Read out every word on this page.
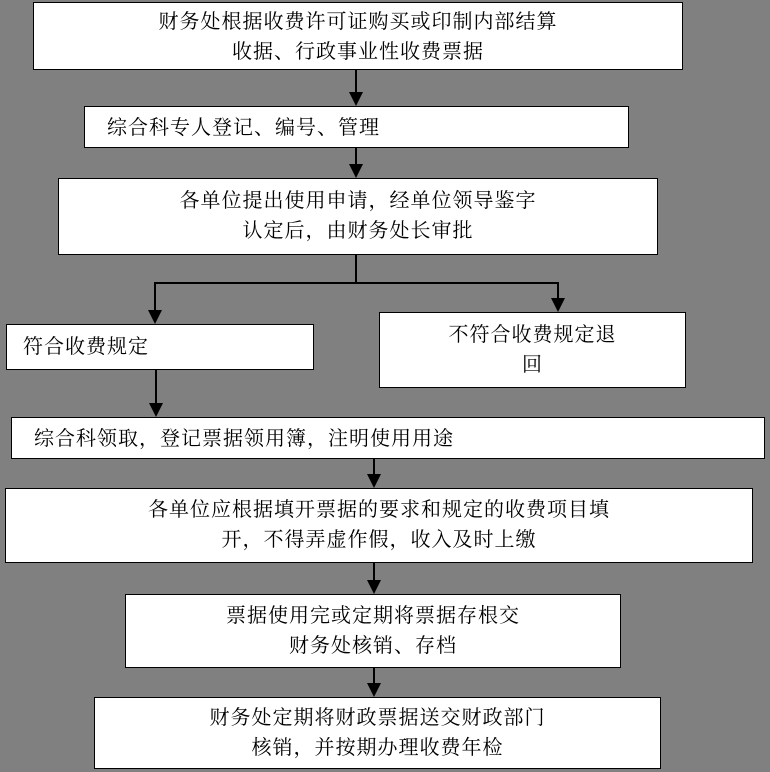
财务处根据收费许可证购买或印制内部结算
收据、行政事业性收费票据
综合科专人登记、编号、管理
各单位提出使用申请，经单位领导鉴字
认定后，由财务处长审批
符合收费规定	不符合收费规定退
回
综合科领取，登记票据领用簿，注明使用用途
各单位应根据填开票据的要求和规定的收费项目填
开，不得弄虚作假，收入及时上缴
票据使用完或定期将票据存根交
财务处核销、存档
财务处定期将财政票据送交财政部门
核销，并按期办理收费年检
